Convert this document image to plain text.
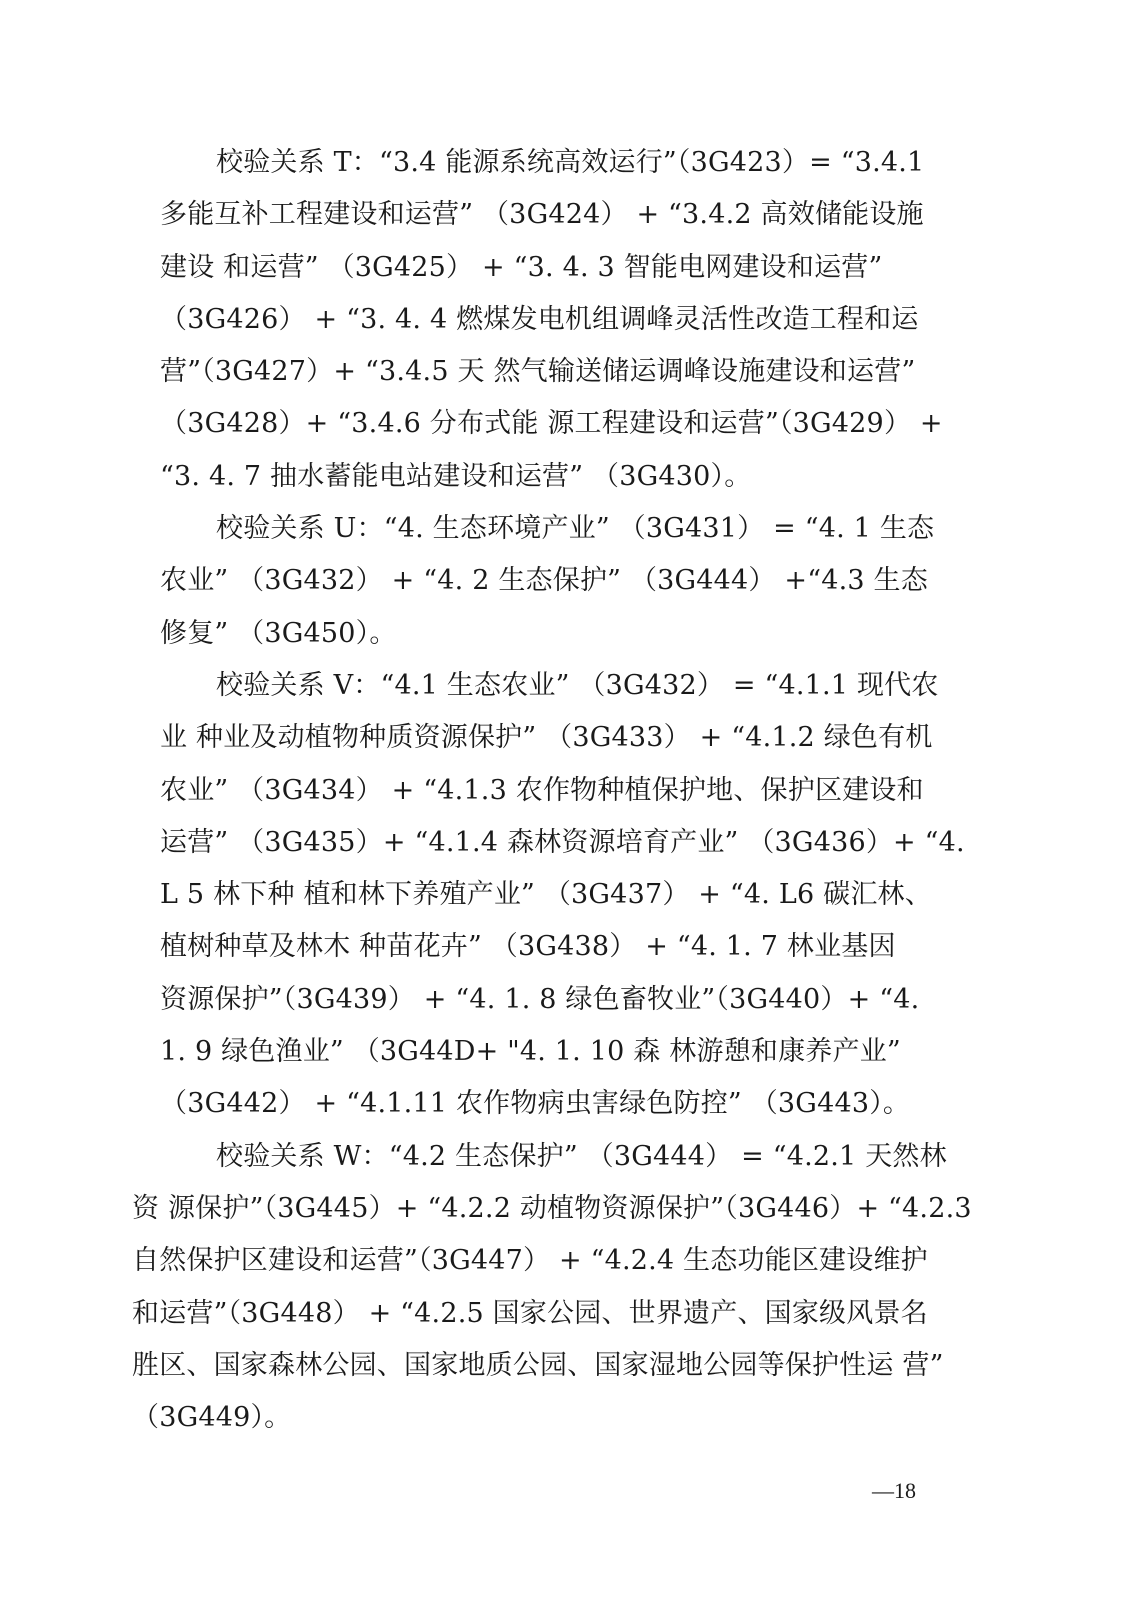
校验关系 T：“3.4 能源系统高效运行”（3G423）= “3.4.1
多能互补工程建设和运营” （3G424） + “3.4.2 高效储能设施
建设 和运营” （3G425） + “3. 4. 3 智能电网建设和运营”
（3G426） + “3. 4. 4 燃煤发电机组调峰灵活性改造工程和运
营”（3G427）+ “3.4.5 天 然气输送储运调峰设施建设和运营”
（3G428）+ “3.4.6 分布式能 源工程建设和运营”（3G429） +
“3. 4. 7 抽水蓄能电站建设和运营” （3G430）。
校验关系 U：“4. 生态环境产业” （3G431） = “4. 1 生态
农业” （3G432） + “4. 2 生态保护” （3G444） +“4.3 生态
修复” （3G450）。
校验关系 V：“4.1 生态农业” （3G432） = “4.1.1 现代农
业 种业及动植物种质资源保护” （3G433） + “4.1.2 绿色有机
农业” （3G434） + “4.1.3 农作物种植保护地、保护区建设和
运营” （3G435）+ “4.1.4 森林资源培育产业” （3G436）+ “4.
L 5 林下种 植和林下养殖产业” （3G437） + “4. L6 碳汇林、
植树种草及林木 种苗花卉” （3G438） + “4. 1. 7 林业基因
资源保护”（3G439） + “4. 1. 8 绿色畜牧业”（3G440）+ “4.
1. 9 绿色渔业” （3G44D+ "4. 1. 10 森 林游憩和康养产业”
（3G442） + “4.1.11 农作物病虫害绿色防控” （3G443）。
校验关系 W：“4.2 生态保护” （3G444） = “4.2.1 天然林
资 源保护”（3G445）+ “4.2.2 动植物资源保护”（3G446）+ “4.2.3
自然保护区建设和运营”（3G447） + “4.2.4 生态功能区建设维护
和运营”（3G448） + “4.2.5 国家公园、世界遗产、国家级风景名
胜区、国家森林公园、国家地质公园、国家湿地公园等保护性运 营”
（3G449）。
—18
